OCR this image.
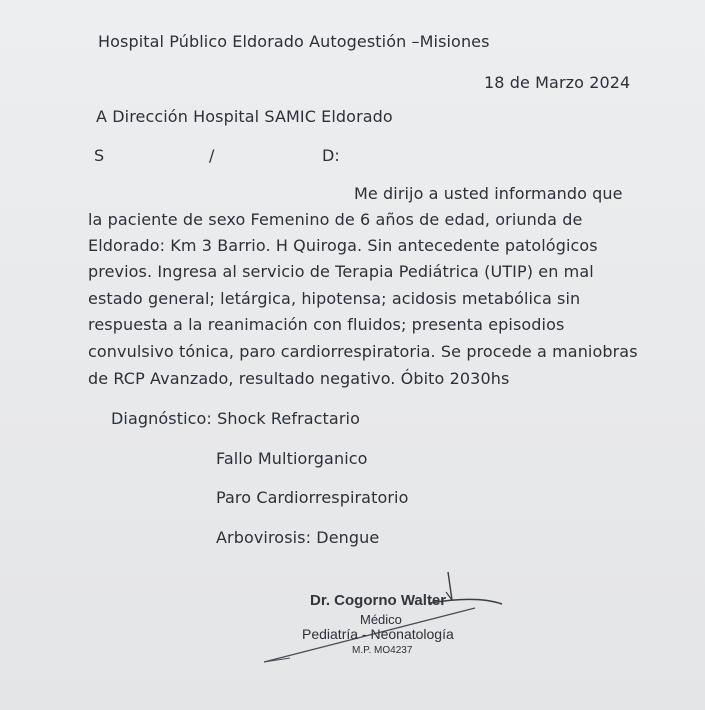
Hospital Público Eldorado Autogestión –Misiones
18 de Marzo 2024
A Dirección Hospital SAMIC Eldorado
S	/	D:
Me dirijo a usted informando que
la paciente de sexo Femenino de 6 años de edad, oriunda de
Eldorado: Km 3 Barrio. H Quiroga. Sin antecedente patológicos
previos. Ingresa al servicio de Terapia Pediátrica (UTIP) en mal
estado general; letárgica, hipotensa; acidosis metabólica sin
respuesta a la reanimación con fluidos; presenta episodios
convulsivo tónica, paro cardiorrespiratoria. Se procede a maniobras
de RCP Avanzado, resultado negativo. Óbito 2030hs
Diagnóstico: Shock Refractario
Fallo Multiorganico
Paro Cardiorrespiratorio
Arbovirosis: Dengue
Dr. Cogorno Walter
Médico
Pediatría - Neonatología
M.P. MO4237
